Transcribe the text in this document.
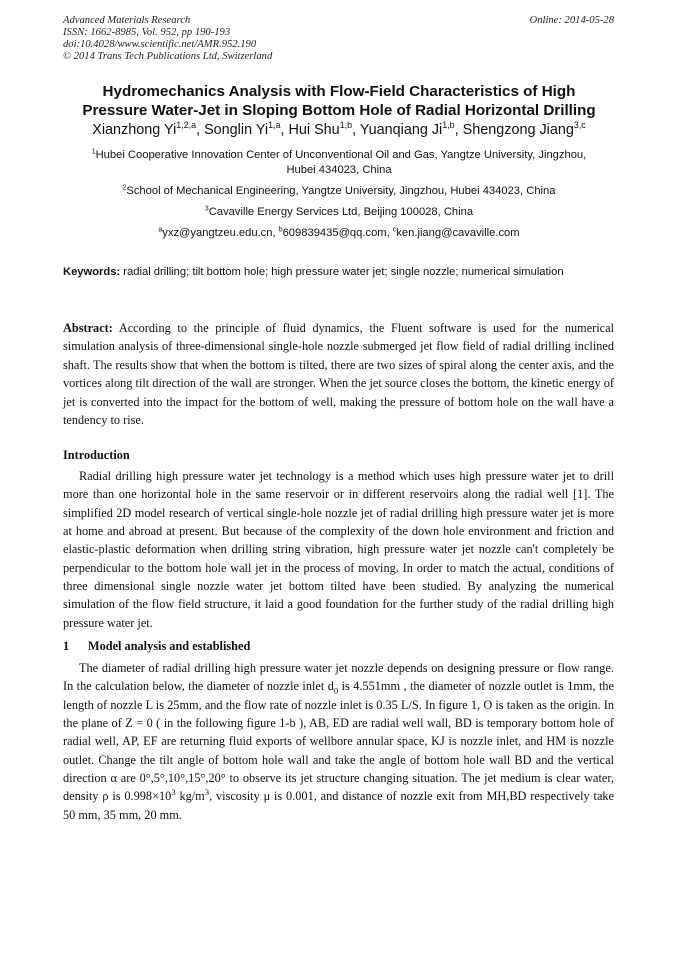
Advanced Materials Research
ISSN: 1662-8985, Vol. 952, pp 190-193
doi:10.4028/www.scientific.net/AMR.952.190
© 2014 Trans Tech Publications Ltd, Switzerland
Online: 2014-05-28
Hydromechanics Analysis with Flow-Field Characteristics of High
Pressure Water-Jet in Sloping Bottom Hole of Radial Horizontal Drilling
Xianzhong Yi$^{1,2,a}$, Songlin Yi$^{1,a}$, Hui Shu$^{1,b}$, Yuanqiang Ji$^{1,b}$, Shengzong Jiang$^{3,c}$
$^1$Hubei Cooperative Innovation Center of Unconventional Oil and Gas, Yangtze University, Jingzhou,
Hubei 434023, China
$^2$School of Mechanical Engineering, Yangtze University, Jingzhou, Hubei 434023, China
$^3$Cavaville Energy Services Ltd, Beijing 100028, China
$^a$yxz@yangtzeu.edu.cn, $^b$609839435@qq.com, $^c$ken.jiang@cavaville.com
Keywords: radial drilling; tilt bottom hole; high pressure water jet; single nozzle; numerical simulation
Abstract: According to the principle of fluid dynamics, the Fluent software is used for the numerical simulation analysis of three-dimensional single-hole nozzle submerged jet flow field of radial drilling inclined shaft. The results show that when the bottom is tilted, there are two sizes of spiral along the center axis, and the vortices along tilt direction of the wall are stronger. When the jet source closes the bottom, the kinetic energy of jet is converted into the impact for the bottom of well, making the pressure of bottom hole on the wall have a tendency to rise.
Introduction
Radial drilling high pressure water jet technology is a method which uses high pressure water jet to drill more than one horizontal hole in the same reservoir or in different reservoirs along the radial well [1]. The simplified 2D model research of vertical single-hole nozzle jet of radial drilling high pressure water jet is more at home and abroad at present. But because of the complexity of the down hole environment and friction and elastic-plastic deformation when drilling string vibration, high pressure water jet nozzle can't completely be perpendicular to the bottom hole wall jet in the process of moving. In order to match the actual, conditions of three dimensional single nozzle water jet bottom tilted have been studied. By analyzing the numerical simulation of the flow field structure, it laid a good foundation for the further study of the radial drilling high pressure water jet.
1 Model analysis and established
The diameter of radial drilling high pressure water jet nozzle depends on designing pressure or flow range. In the calculation below, the diameter of nozzle inlet $d_0$ is 4.551mm , the diameter of nozzle outlet is 1mm, the length of nozzle L is 25mm, and the flow rate of nozzle inlet is 0.35 L/S. In figure 1, O is taken as the origin. In the plane of Z = 0 ( in the following figure 1-b ), AB, ED are radial well wall, BD is temporary bottom hole of radial well, AP, EF are returning fluid exports of wellbore annular space, KJ is nozzle inlet, and HM is nozzle outlet. Change the tilt angle of bottom hole wall and take the angle of bottom hole wall BD and the vertical direction α are 0°,5°,10°,15°,20° to observe its jet structure changing situation. The jet medium is clear water, density ρ is $0.998\times 10^3$ $kg/m^3$, viscosity μ is 0.001, and distance of nozzle exit from MH,BD respectively take 50 mm, 35 mm, 20 mm.
